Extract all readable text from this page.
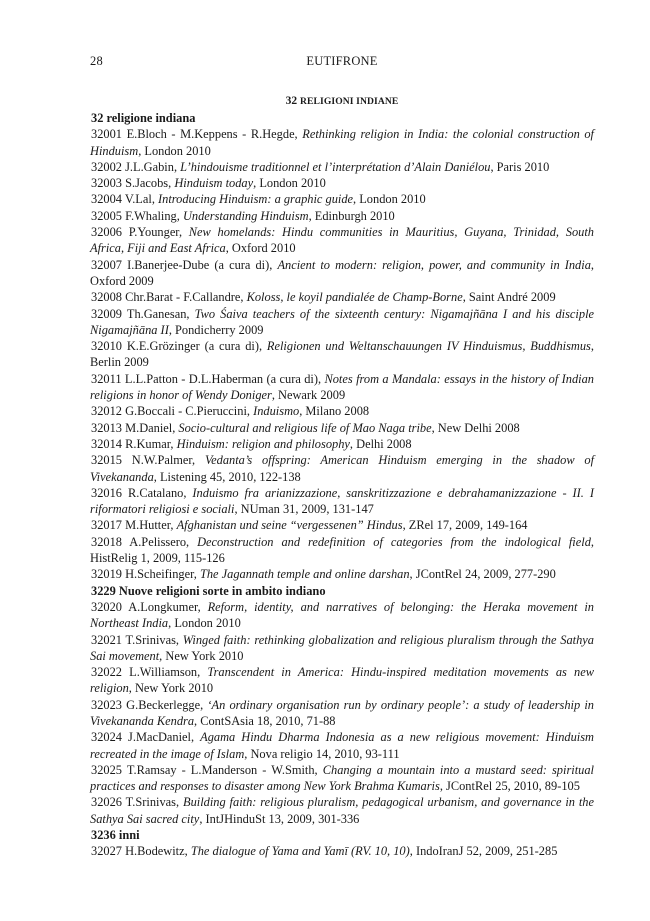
28	EUTIFRONE
32 RELIGIONI INDIANE
32 religione indiana
32001 E.Bloch - M.Keppens - R.Hegde, Rethinking religion in India: the colonial construction of Hinduism, London 2010
32002 J.L.Gabin, L’hindouisme traditionnel et l’interprétation d’Alain Daniélou, Paris 2010
32003 S.Jacobs, Hinduism today, London 2010
32004 V.Lal, Introducing Hinduism: a graphic guide, London 2010
32005 F.Whaling, Understanding Hinduism, Edinburgh 2010
32006 P.Younger, New homelands: Hindu communities in Mauritius, Guyana, Trinidad, South Africa, Fiji and East Africa, Oxford 2010
32007 I.Banerjee-Dube (a cura di), Ancient to modern: religion, power, and community in India, Oxford 2009
32008 Chr.Barat - F.Callandre, Koloss, le koyil pandialée de Champ-Borne, Saint André 2009
32009 Th.Ganesan, Two Śaiva teachers of the sixteenth century: Nigamajñāna I and his disciple Nigamajñāna II, Pondicherry 2009
32010 K.E.Grözinger (a cura di), Religionen und Weltanschauungen IV Hinduismus, Buddhismus, Berlin 2009
32011 L.L.Patton - D.L.Haberman (a cura di), Notes from a Mandala: essays in the history of Indian religions in honor of Wendy Doniger, Newark 2009
32012 G.Boccali - C.Pieruccini, Induismo, Milano 2008
32013 M.Daniel, Socio-cultural and religious life of Mao Naga tribe, New Delhi 2008
32014 R.Kumar, Hinduism: religion and philosophy, Delhi 2008
32015 N.W.Palmer, Vedanta’s offspring: American Hinduism emerging in the shadow of Vivekananda, Listening 45, 2010, 122-138
32016 R.Catalano, Induismo fra arianizzazione, sanskritizzazione e debrahamanizzazione - II. I riformatori religiosi e sociali, NUman 31, 2009, 131-147
32017 M.Hutter, Afghanistan und seine “vergessenen” Hindus, ZRel 17, 2009, 149-164
32018 A.Pelissero, Deconstruction and redefinition of categories from the indological field, HistRelig 1, 2009, 115-126
32019 H.Scheifinger, The Jagannath temple and online darshan, JContRel 24, 2009, 277-290
3229 Nuove religioni sorte in ambito indiano
32020 A.Longkumer, Reform, identity, and narratives of belonging: the Heraka movement in Northeast India, London 2010
32021 T.Srinivas, Winged faith: rethinking globalization and religious pluralism through the Sathya Sai movement, New York 2010
32022 L.Williamson, Transcendent in America: Hindu-inspired meditation movements as new religion, New York 2010
32023 G.Beckerlegge, ‘An ordinary organisation run by ordinary people’: a study of leadership in Vivekananda Kendra, ContSAsia 18, 2010, 71-88
32024 J.MacDaniel, Agama Hindu Dharma Indonesia as a new religious movement: Hinduism recreated in the image of Islam, Nova religio 14, 2010, 93-111
32025 T.Ramsay - L.Manderson - W.Smith, Changing a mountain into a mustard seed: spiritual practices and responses to disaster among New York Brahma Kumaris, JContRel 25, 2010, 89-105
32026 T.Srinivas, Building faith: religious pluralism, pedagogical urbanism, and governance in the Sathya Sai sacred city, IntJHinduSt 13, 2009, 301-336
3236 inni
32027 H.Bodewitz, The dialogue of Yama and Yamī (RV. 10, 10), IndoIranJ 52, 2009, 251-285
